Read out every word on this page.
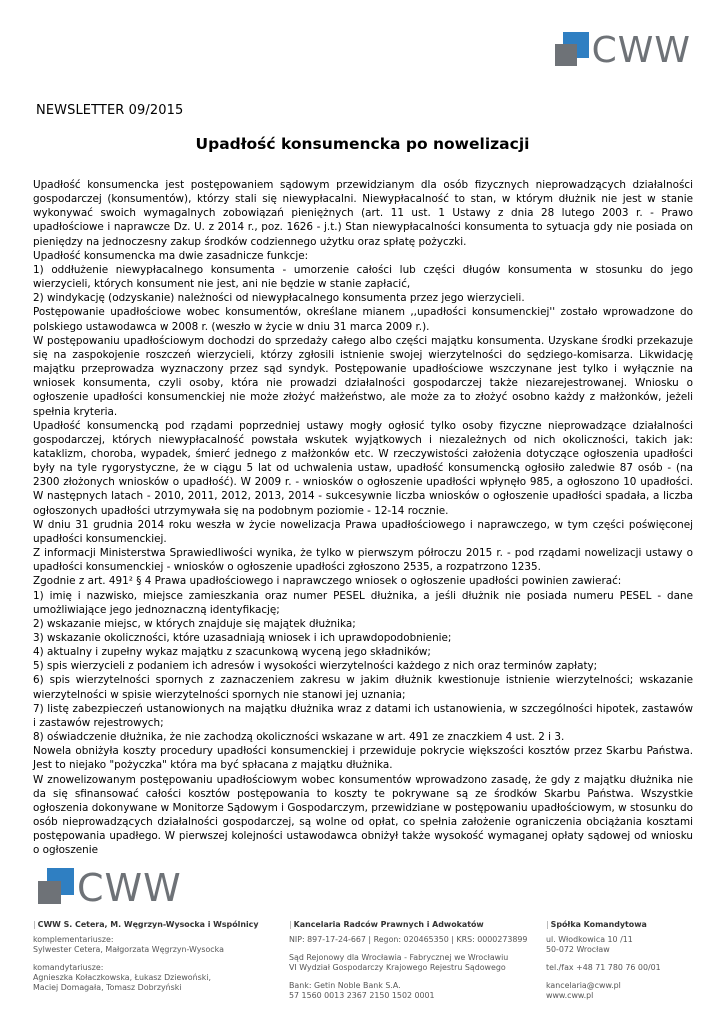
CWW
NEWSLETTER 09/2015
Upadłość konsumencka po nowelizacji

Upadłość konsumencka jest postępowaniem sądowym przewidzianym dla osób fizycznych nieprowadzących działalności gospodarczej (konsumentów), którzy stali się niewypłacalni. Niewypłacalność to stan, w którym dłużnik nie jest w stanie wykonywać swoich wymagalnych zobowiązań pieniężnych (art. 11 ust. 1 Ustawy z dnia 28 lutego 2003 r. - Prawo upadłościowe i naprawcze Dz. U. z 2014 r., poz. 1626 - j.t.) Stan niewypłacalności konsumenta to sytuacja gdy nie posiada on pieniędzy na jednoczesny zakup środków codziennego użytku oraz spłatę pożyczki.

Upadłość konsumencka ma dwie zasadnicze funkcje:

1) oddłużenie niewypłacalnego konsumenta - umorzenie całości lub części długów konsumenta w stosunku do jego wierzycieli, których konsument nie jest, ani nie będzie w stanie zapłacić,

2) windykację (odzyskanie) należności od niewypłacalnego konsumenta przez jego wierzycieli.

Postępowanie upadłościowe wobec konsumentów, określane mianem ,,upadłości konsumenckiej'' zostało wprowadzone do polskiego ustawodawca w 2008 r. (weszło w życie w dniu 31 marca 2009 r.).

W postępowaniu upadłościowym dochodzi do sprzedaży całego albo części majątku konsumenta. Uzyskane środki przekazuje się na zaspokojenie roszczeń wierzycieli, którzy zgłosili istnienie swojej wierzytelności do sędziego-komisarza. Likwidację majątku przeprowadza wyznaczony przez sąd syndyk. Postępowanie upadłościowe wszczynane jest tylko i wyłącznie na wniosek konsumenta, czyli osoby, która nie prowadzi działalności gospodarczej także niezarejestrowanej. Wniosku o ogłoszenie upadłości konsumenckiej nie może złożyć małżeństwo, ale może za to złożyć osobno każdy z małżonków, jeżeli spełnia kryteria.

Upadłość konsumencką pod rządami poprzedniej ustawy mogły ogłosić tylko osoby fizyczne nieprowadzące działalności gospodarczej, których niewypłacalność powstała wskutek wyjątkowych i niezależnych od nich okoliczności, takich jak: kataklizm, choroba, wypadek, śmierć jednego z małżonków etc. W rzeczywistości założenia dotyczące ogłoszenia upadłości były na tyle rygorystyczne, że w ciągu 5 lat od uchwalenia ustaw, upadłość konsumencką ogłosiło zaledwie 87 osób - (na 2300 złożonych wniosków o upadłość). W 2009 r. - wniosków o ogłoszenie upadłości wpłynęło 985, a ogłoszono 10 upadłości. W następnych latach - 2010, 2011, 2012, 2013, 2014 - sukcesywnie liczba wniosków o ogłoszenie upadłości spadała, a liczba ogłoszonych upadłości utrzymywała się na podobnym poziomie - 12-14 rocznie.

W dniu 31 grudnia 2014 roku weszła w życie nowelizacja Prawa upadłościowego i naprawczego, w tym części poświęconej upadłości konsumenckiej.

Z informacji Ministerstwa Sprawiedliwości wynika, że tylko w pierwszym półroczu 2015 r. - pod rządami nowelizacji ustawy o upadłości konsumenckiej - wniosków o ogłoszenie upadłości zgłoszono 2535, a rozpatrzono 1235.

Zgodnie z art. 491² § 4 Prawa upadłościowego i naprawczego wniosek o ogłoszenie upadłości powinien zawierać:

1) imię i nazwisko, miejsce zamieszkania oraz numer PESEL dłużnika, a jeśli dłużnik nie posiada numeru PESEL - dane umożliwiające jego jednoznaczną identyfikację;

2) wskazanie miejsc, w których znajduje się majątek dłużnika;

3) wskazanie okoliczności, które uzasadniają wniosek i ich uprawdopodobnienie;

4) aktualny i zupełny wykaz majątku z szacunkową wyceną jego składników;

5) spis wierzycieli z podaniem ich adresów i wysokości wierzytelności każdego z nich oraz terminów zapłaty;

6) spis wierzytelności spornych z zaznaczeniem zakresu w jakim dłużnik kwestionuje istnienie wierzytelności; wskazanie wierzytelności w spisie wierzytelności spornych nie stanowi jej uznania;

7) listę zabezpieczeń ustanowionych na majątku dłużnika wraz z datami ich ustanowienia, w szczególności hipotek, zastawów i zastawów rejestrowych;

8) oświadczenie dłużnika, że nie zachodzą okoliczności wskazane w art. 491 ze znaczkiem 4 ust. 2 i 3.

Nowela obniżyła koszty procedury upadłości konsumenckiej i przewiduje pokrycie większości kosztów przez Skarbu Państwa. Jest to niejako "pożyczka" która ma być spłacana z majątku dłużnika.

W znowelizowanym postępowaniu upadłościowym wobec konsumentów wprowadzono zasadę, że gdy z majątku dłużnika nie da się sfinansować całości kosztów postępowania to koszty te pokrywane są ze środków Skarbu Państwa. Wszystkie ogłoszenia dokonywane w Monitorze Sądowym i Gospodarczym, przewidziane w postępowaniu upadłościowym, w stosunku do osób nieprowadzących działalności gospodarczej, są wolne od opłat, co spełnia założenie ograniczenia obciążania kosztami postępowania upadłego. W pierwszej kolejności ustawodawca obniżył także wysokość wymaganej opłaty sądowej od wniosku o ogłoszenie

CWW
| CWW S. Cetera, M. Węgrzyn-Wysocka i Wspólnicy
komplementariusze:
Sylwester Cetera, Małgorzata Węgrzyn-Wysocka
komandytariusze:
Agnieszka Kołaczkowska, Łukasz Dziewoński,
Maciej Domagała, Tomasz Dobrzyński
| Kancelaria Radców Prawnych i Adwokatów
NIP: 897-17-24-667 | Regon: 020465350 | KRS: 0000273899
Sąd Rejonowy dla Wrocławia - Fabrycznej we Wrocławiu
VI Wydział Gospodarczy Krajowego Rejestru Sądowego
Bank: Getin Noble Bank S.A.
57 1560 0013 2367 2150 1502 0001
| Spółka Komandytowa
ul. Włodkowica 10 /11
50-072 Wrocław
tel./fax +48 71 780 76 00/01
kancelaria@cww.pl
www.cww.pl
